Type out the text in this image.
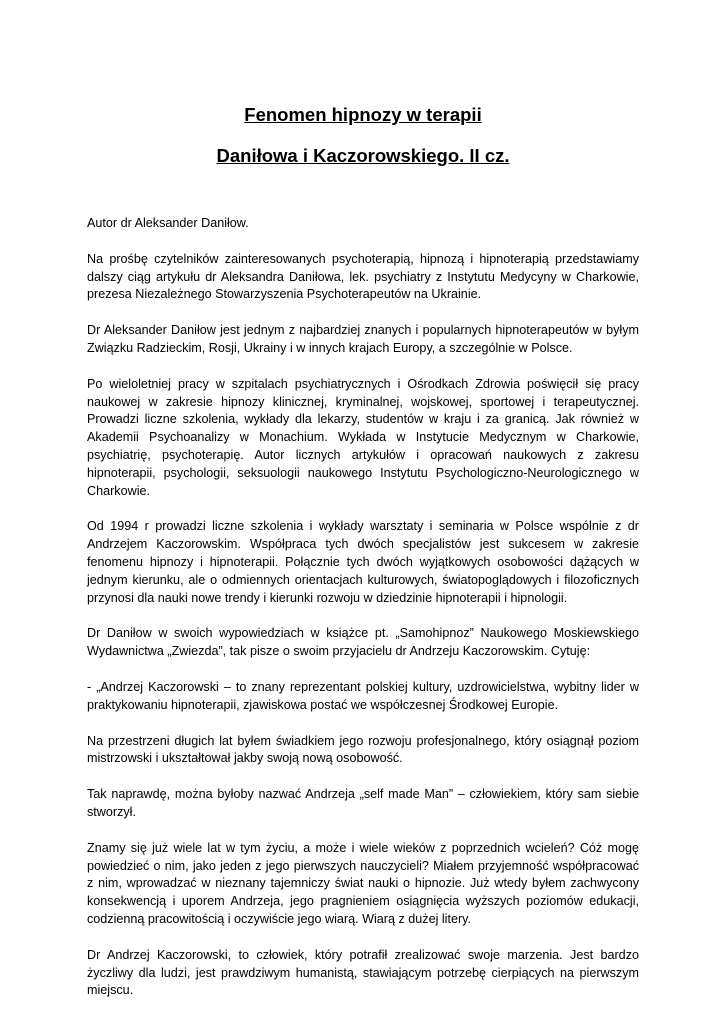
Fenomen hipnozy w terapii
Daniłowa i Kaczorowskiego. II cz.

Autor dr Aleksander Daniłow.

Na prośbę czytelników zainteresowanych psychoterapią, hipnozą i hipnoterapią przedstawiamy dalszy ciąg artykułu dr Aleksandra Daniłowa, lek. psychiatry z Instytutu Medycyny w Charkowie, prezesa Niezależnego Stowarzyszenia Psychoterapeutów na Ukrainie.

Dr Aleksander Daniłow jest jednym z najbardziej znanych i popularnych hipnoterapeutów w byłym Związku Radzieckim, Rosji, Ukrainy i w innych krajach Europy, a szczególnie w Polsce.

Po wieloletniej pracy w szpitalach psychiatrycznych i Ośrodkach Zdrowia poświęcił się pracy naukowej w zakresie hipnozy klinicznej, kryminalnej, wojskowej, sportowej i terapeutycznej. Prowadzi liczne szkolenia, wykłady dla lekarzy, studentów w kraju i za granicą. Jak również w Akademii Psychoanalizy w Monachium. Wykłada w Instytucie Medycznym w Charkowie, psychiatrię, psychoterapię. Autor licznych artykułów i opracowań naukowych z zakresu hipnoterapii, psychologii, seksuologii naukowego Instytutu Psychologiczno-Neurologicznego w Charkowie.

Od 1994 r prowadzi liczne szkolenia i wykłady warsztaty i seminaria w Polsce wspólnie z dr Andrzejem Kaczorowskim. Współpraca tych dwóch specjalistów jest sukcesem w zakresie fenomenu hipnozy i hipnoterapii. Połącznie tych dwóch wyjątkowych osobowości dążących w jednym kierunku, ale o odmiennych orientacjach kulturowych, światopoglądowych i filozoficznych przynosi dla nauki nowe trendy i kierunki rozwoju w dziedzinie hipnoterapii i hipnologii.

Dr Daniłow w swoich wypowiedziach w książce pt. „Samohipnoz” Naukowego Moskiewskiego Wydawnictwa „Zwiezda”, tak pisze o swoim przyjacielu dr Andrzeju Kaczorowskim. Cytuję:

- „Andrzej Kaczorowski – to znany reprezentant polskiej kultury, uzdrowicielstwa, wybitny lider w praktykowaniu hipnoterapii, zjawiskowa postać we współczesnej Środkowej Europie.

Na przestrzeni długich lat byłem świadkiem jego rozwoju profesjonalnego, który osiągnął poziom mistrzowski i ukształtował jakby swoją nową osobowość.

Tak naprawdę, można byłoby nazwać Andrzeja „self made Man” – człowiekiem, który sam siebie stworzył.

Znamy się już wiele lat w tym życiu, a może i wiele wieków z poprzednich wcieleń? Cóż mogę powiedzieć o nim, jako jeden z jego pierwszych nauczycieli? Miałem przyjemność współpracować z nim, wprowadzać w nieznany tajemniczy świat nauki o hipnozie. Już wtedy byłem zachwycony konsekwencją i uporem Andrzeja, jego pragnieniem osiągnięcia wyższych poziomów edukacji, codzienną pracowitością i oczywiście jego wiarą. Wiarą z dużej litery.

Dr Andrzej Kaczorowski, to człowiek, który potrafił zrealizować swoje marzenia. Jest bardzo życzliwy dla ludzi, jest prawdziwym humanistą, stawiającym potrzebę cierpiących na pierwszym miejscu.
